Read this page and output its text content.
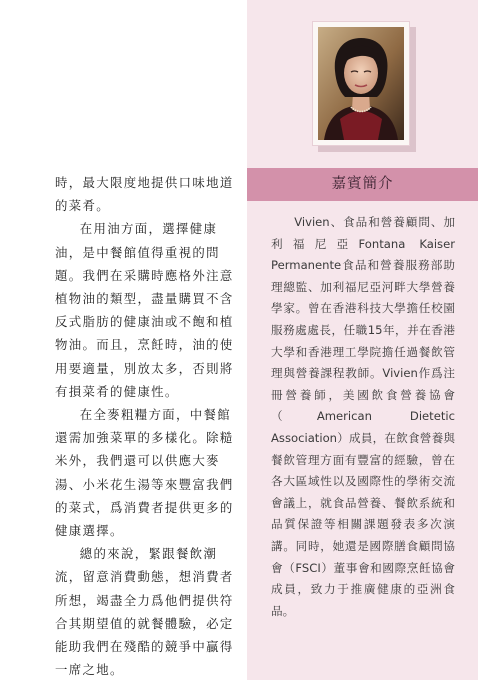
時，最大限度地提供口味地道的菜肴。

在用油方面，選擇健康油，是中餐館值得重視的問題。我們在采購時應格外注意植物油的類型，盡量購買不含反式脂肪的健康油或不飽和植物油。而且，烹飪時，油的使用要適量，別放太多，否則將有損菜肴的健康性。

在全麥粗糧方面，中餐館還需加強菜單的多樣化。除糙米外，我們還可以供應大麥湯、小米花生湯等來豐富我們的菜式，爲消費者提供更多的健康選擇。

總的來說，緊跟餐飲潮流，留意消費動態，想消費者所想，竭盡全力爲他們提供符合其期望值的就餐體驗，必定能助我們在殘酷的競爭中贏得一席之地。

嘉賓簡介
Vivien、食品和營養顧問、加利福尼亞Fontana Kaiser Permanente食品和營養服務部助理總監、加利福尼亞河畔大學營養學家。曾在香港科技大學擔任校園服務處處長，任職15年，并在香港大學和香港理工學院擔任過餐飲管理與營養課程教師。Vivien作爲注冊營養師，美國飲食營養協會（American Dietetic Association）成員，在飲食營養與餐飲管理方面有豐富的經驗，曾在各大區域性以及國際性的學術交流會議上，就食品營養、餐飲系統和品質保證等相關課題發表多次演講。同時，她還是國際膳食顧問協會（FSCI）董事會和國際烹飪協會成員，致力于推廣健康的亞洲食品。
